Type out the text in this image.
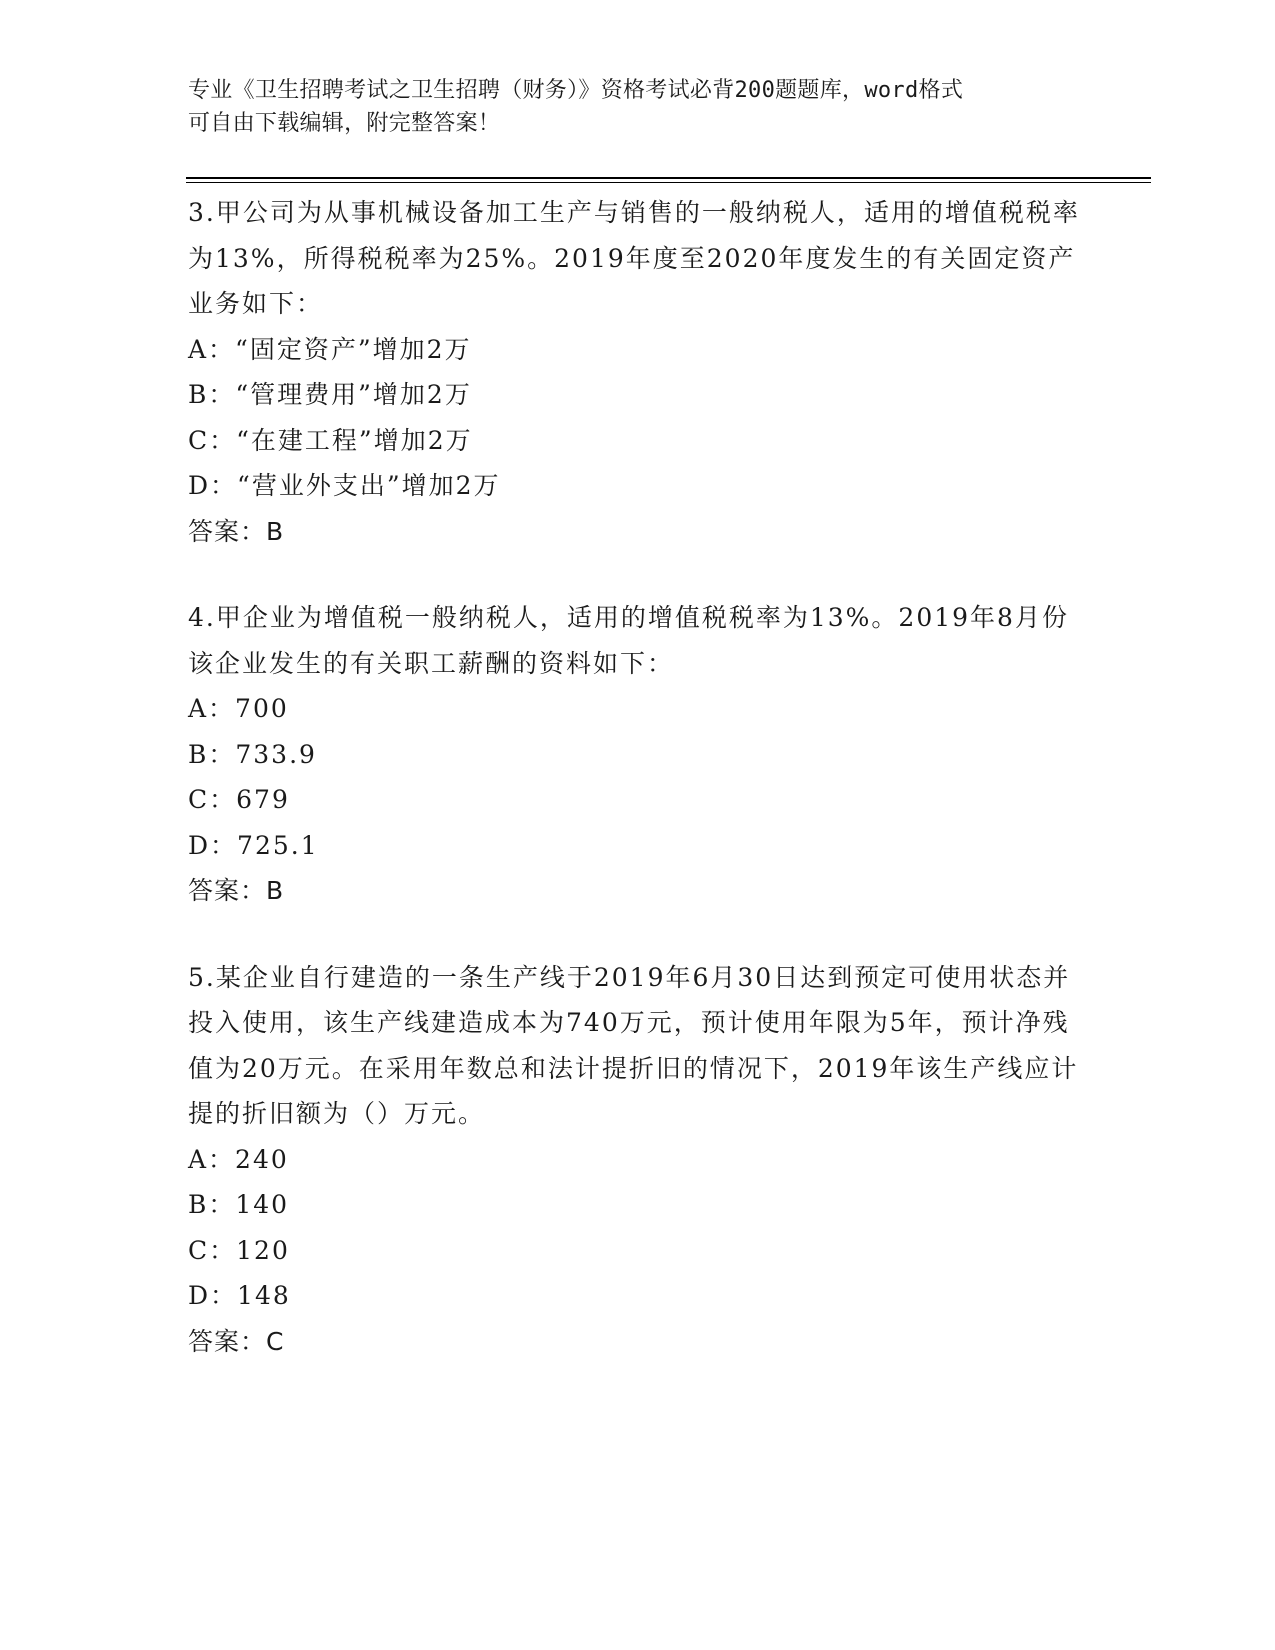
专业《卫生招聘考试之卫生招聘（财务）》资格考试必背200题题库，word格式
可自由下载编辑，附完整答案！
3.甲公司为从事机械设备加工生产与销售的一般纳税人，适用的增值税税率为13%，所得税税率为25%。2019年度至2020年度发生的有关固定资产业务如下：
A：“固定资产”增加2万
B：“管理费用”增加2万
C：“在建工程”增加2万
D：“营业外支出”增加2万
答案：B
4.甲企业为增值税一般纳税人，适用的增值税税率为13%。2019年8月份该企业发生的有关职工薪酬的资料如下：
A：700
B：733.9
C：679
D：725.1
答案：B
5.某企业自行建造的一条生产线于2019年6月30日达到预定可使用状态并投入使用，该生产线建造成本为740万元，预计使用年限为5年，预计净残值为20万元。在采用年数总和法计提折旧的情况下，2019年该生产线应计提的折旧额为（）万元。
A：240
B：140
C：120
D：148
答案：C
